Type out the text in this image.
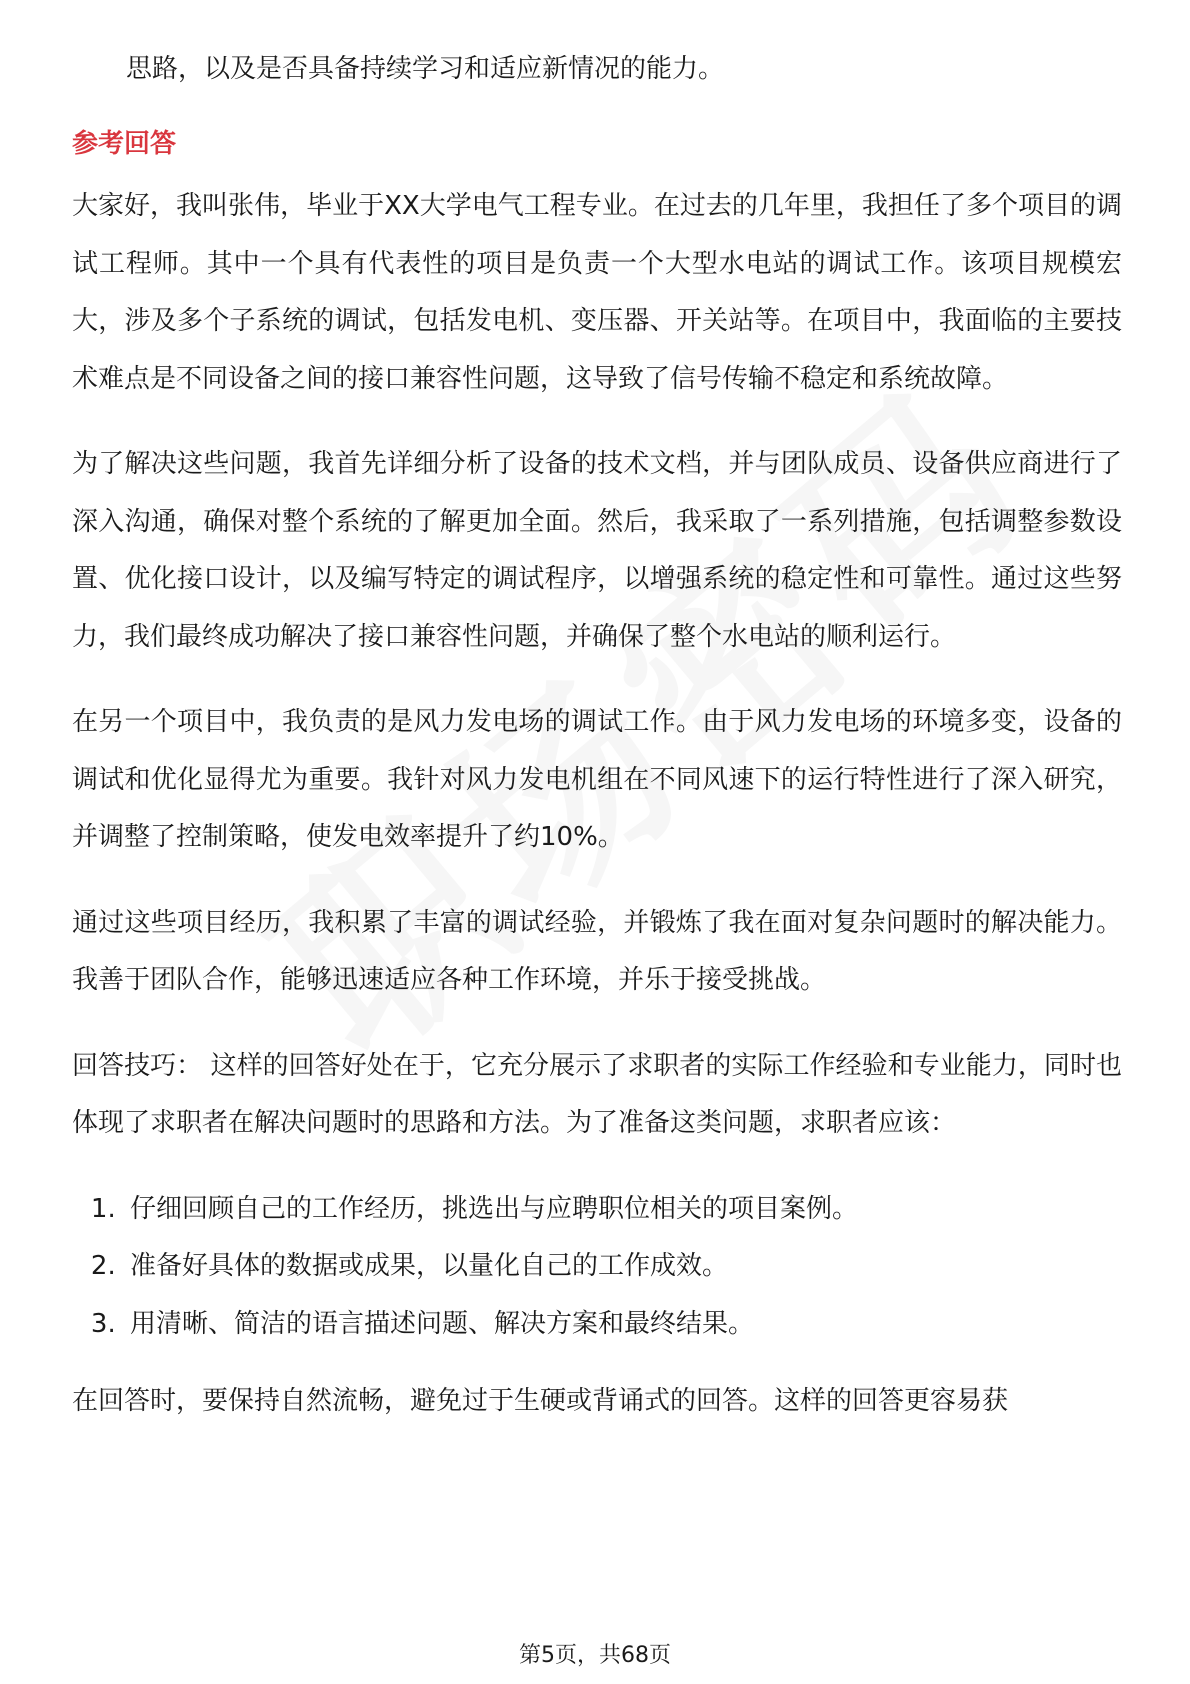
思路，以及是否具备持续学习和适应新情况的能力。
参考回答

大家好，我叫张伟，毕业于XX大学电气工程专业。在过去的几年里，我担任了多个项目的调试工程师。其中一个具有代表性的项目是负责一个大型水电站的调试工作。该项目规模宏大，涉及多个子系统的调试，包括发电机、变压器、开关站等。在项目中，我面临的主要技术难点是不同设备之间的接口兼容性问题，这导致了信号传输不稳定和系统故障。

为了解决这些问题，我首先详细分析了设备的技术文档，并与团队成员、设备供应商进行了深入沟通，确保对整个系统的了解更加全面。然后，我采取了一系列措施，包括调整参数设置、优化接口设计，以及编写特定的调试程序，以增强系统的稳定性和可靠性。通过这些努力，我们最终成功解决了接口兼容性问题，并确保了整个水电站的顺利运行。

在另一个项目中，我负责的是风力发电场的调试工作。由于风力发电场的环境多变，设备的调试和优化显得尤为重要。我针对风力发电机组在不同风速下的运行特性进行了深入研究，并调整了控制策略，使发电效率提升了约10%。

通过这些项目经历，我积累了丰富的调试经验，并锻炼了我在面对复杂问题时的解决能力。我善于团队合作，能够迅速适应各种工作环境，并乐于接受挑战。

回答技巧： 这样的回答好处在于，它充分展示了求职者的实际工作经验和专业能力，同时也体现了求职者在解决问题时的思路和方法。为了准备这类问题，求职者应该：

1. 仔细回顾自己的工作经历，挑选出与应聘职位相关的项目案例。
2. 准备好具体的数据或成果，以量化自己的工作成效。
3. 用清晰、简洁的语言描述问题、解决方案和最终结果。

在回答时，要保持自然流畅，避免过于生硬或背诵式的回答。这样的回答更容易获

第5页，共68页
